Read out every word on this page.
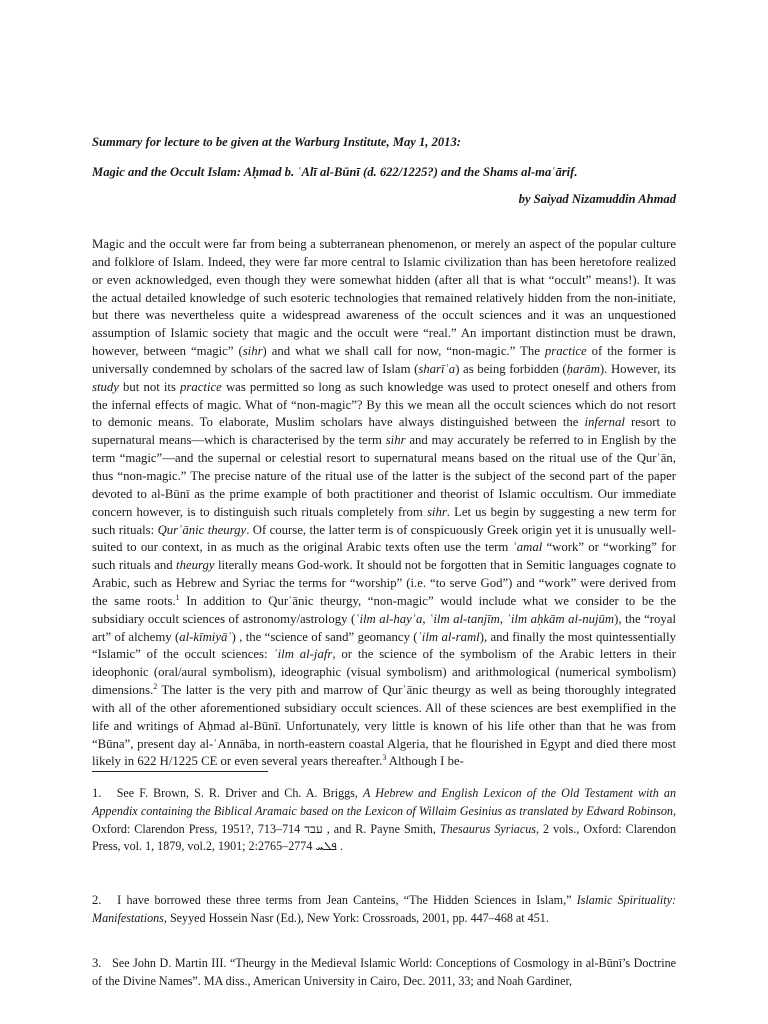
Summary for lecture to be given at the Warburg Institute, May 1, 2013:

Magic and the Occult Islam: Aḥmad b. ʿAlī al-Būnī (d. 622/1225?) and the Shams al-maʿārif.

by Saiyad Nizamuddin Ahmad

Magic and the occult were far from being a subterranean phenomenon, or merely an aspect of the popular culture and folklore of Islam. Indeed, they were far more central to Islamic civilization than has been heretofore realized or even acknowledged, even though they were somewhat hidden (after all that is what “occult” means!). It was the actual detailed knowledge of such esoteric technologies that remained relatively hidden from the non-initiate, but there was nevertheless quite a widespread awareness of the occult sciences and it was an unquestioned assumption of Islamic society that magic and the occult were “real.” An important distinction must be drawn, however, between “magic” (sihr) and what we shall call for now, “non-magic.” The practice of the former is universally condemned by scholars of the sacred law of Islam (sharīʿa) as being forbidden (ḥarām). However, its study but not its practice was permitted so long as such knowledge was used to protect oneself and others from the infernal effects of magic. What of “non-magic”? By this we mean all the occult sciences which do not resort to demonic means. To elaborate, Muslim scholars have always distinguished between the infernal resort to supernatural means—which is characterised by the term sihr and may accurately be referred to in English by the term “magic”—and the supernal or celestial resort to supernatural means based on the ritual use of the Qurʾān, thus “non-magic.” The precise nature of the ritual use of the latter is the subject of the second part of the paper devoted to al-Būnī as the prime example of both practitioner and theorist of Islamic occultism. Our immediate concern however, is to distinguish such rituals completely from sihr. Let us begin by suggesting a new term for such rituals: Qurʾānic theurgy. Of course, the latter term is of conspicuously Greek origin yet it is unusually well-suited to our context, in as much as the original Arabic texts often use the term ʿamal “work” or “working” for such rituals and theurgy literally means God-work. It should not be forgotten that in Semitic languages cognate to Arabic, such as Hebrew and Syriac the terms for “worship” (i.e. “to serve God”) and “work” were derived from the same roots.$^1$ In addition to Qurʾānic theurgy, “non-magic” would include what we consider to be the subsidiary occult sciences of astronomy/astrology (ʿilm al-hayʾa, ʿilm al-tanjīm, ʿilm aḥkām al-nujūm), the “royal art” of alchemy (al-kīmiyāʾ) , the “science of sand” geomancy (ʿilm al-raml), and finally the most quintessentially “Islamic” of the occult sciences: ʿilm al-jafr, or the science of the symbolism of the Arabic letters in their ideophonic (oral/aural symbolism), ideographic (visual symbolism) and arithmological (numerical symbolism) dimensions.$^2$ The latter is the very pith and marrow of Qurʾānic theurgy as well as being thoroughly integrated with all of the other aforementioned subsidiary occult sciences. All of these sciences are best exemplified in the life and writings of Aḥmad al-Būnī. Unfortunately, very little is known of his life other than that he was from “Būna”, present day al-ʿAnnāba, in north-eastern coastal Algeria, that he flourished in Egypt and died there most likely in 622 H/1225 CE or even several years thereafter.$^3$ Although I be-

1. See F. Brown, S. R. Driver and Ch. A. Briggs, A Hebrew and English Lexicon of the Old Testament with an Appendix containing the Biblical Aramaic based on the Lexicon of Willaim Gesinius as translated by Edward Robinson, Oxford: Clarendon Press, 1951?, 713–714 עבד , and R. Payne Smith, Thesaurus Syriacus, 2 vols., Oxford: Clarendon Press, vol. 1, 1879, vol.2, 1901; 2:2765–2774 ܦܠܚ .

2. I have borrowed these three terms from Jean Canteins, “The Hidden Sciences in Islam,” Islamic Spirituality: Manifestations, Seyyed Hossein Nasr (Ed.), New York: Crossroads, 2001, pp. 447–468 at 451.

3. See John D. Martin III. “Theurgy in the Medieval Islamic World: Conceptions of Cosmology in al-Būnī’s Doctrine of the Divine Names”. MA diss., American University in Cairo, Dec. 2011, 33; and Noah Gardiner,
